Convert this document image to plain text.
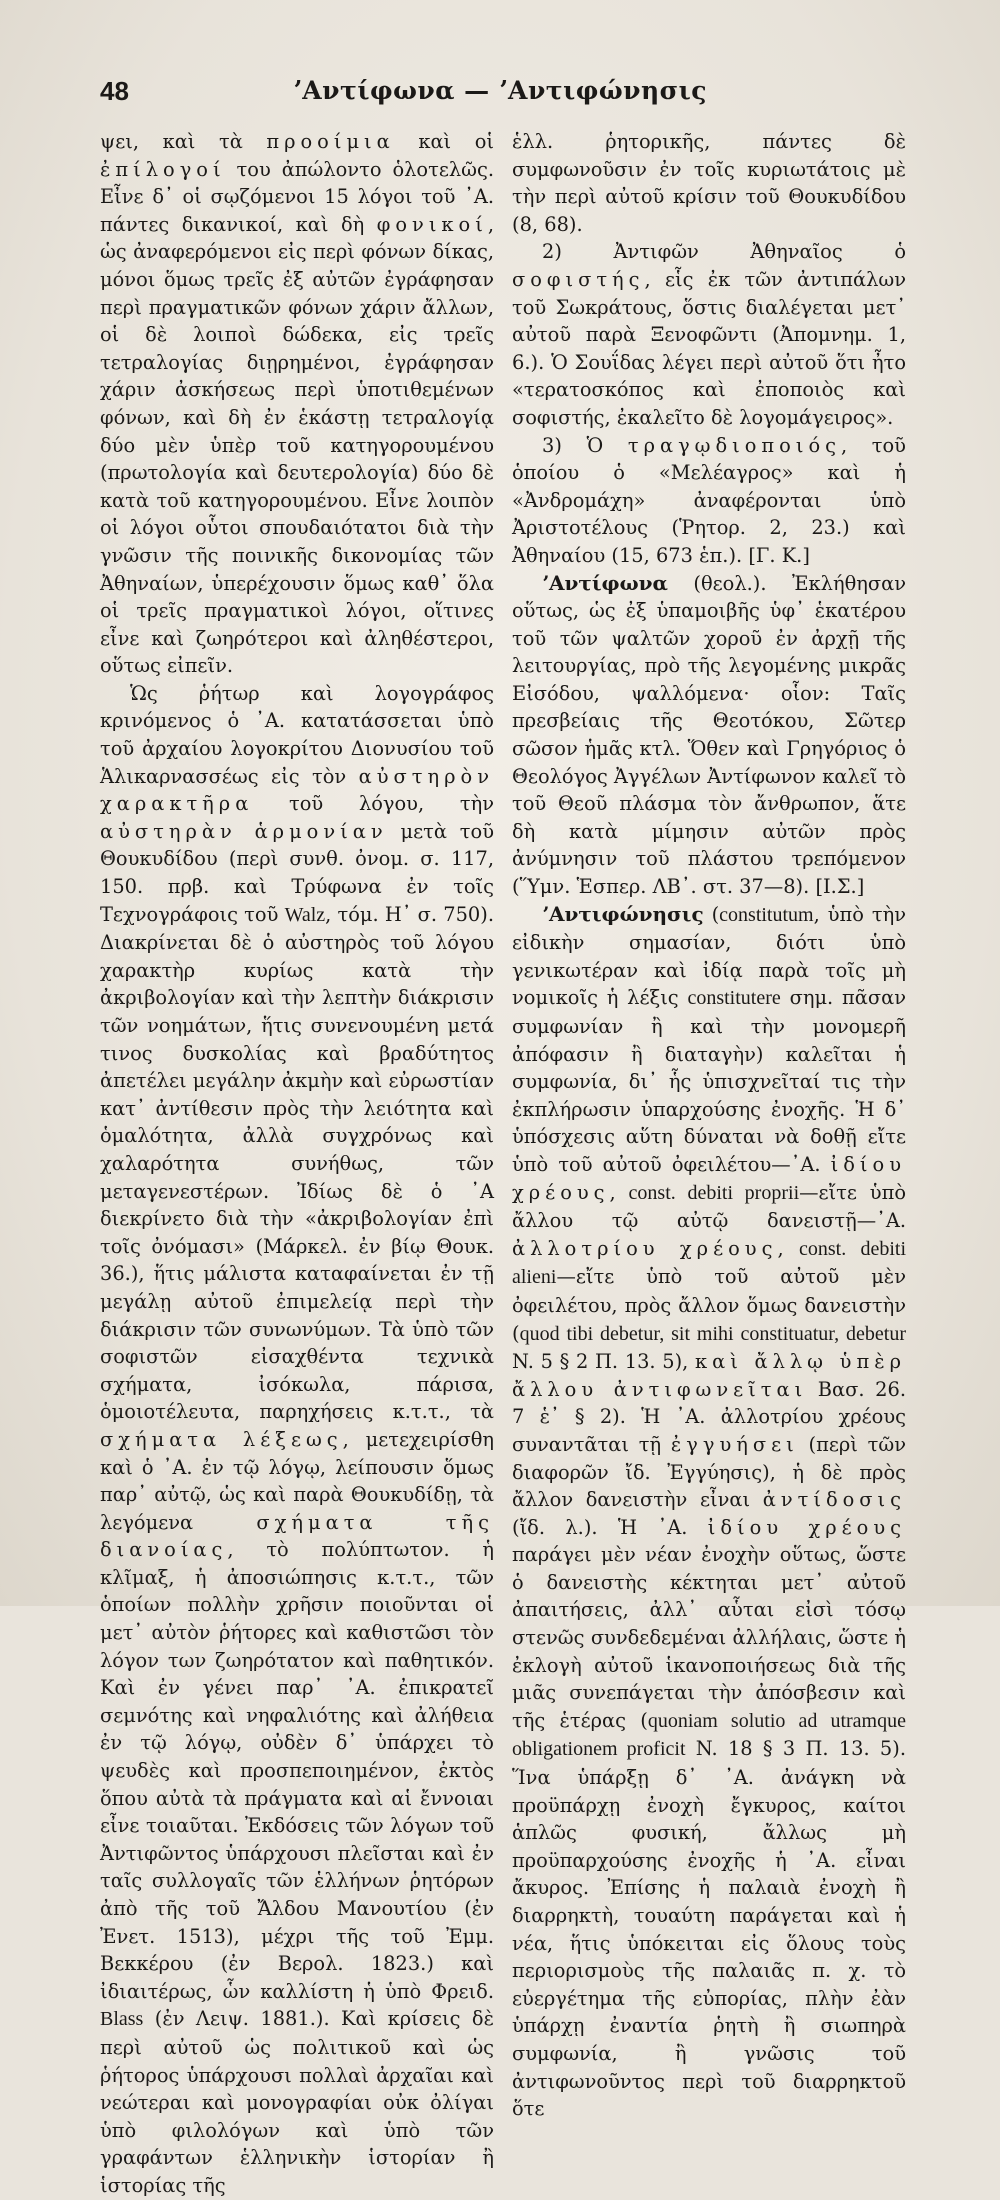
48	ʼΑντίφωνα — ʼΑντιφώνησις

ψει, καὶ τὰ προοίμια καὶ οἱ ἐπίλογοί του ἀπώλοντο ὁλοτελῶς. Εἶνε δ᾽ οἱ σῳζόμενοι 15 λόγοι τοῦ ᾽Α. πάντες δικανικοί, καὶ δὴ φονικοί, ὡς ἀναφερόμενοι εἰς περὶ φόνων δίκας, μόνοι ὅμως τρεῖς ἐξ αὐτῶν ἐγράφησαν περὶ πραγματικῶν φόνων χάριν ἄλλων, οἱ δὲ λοιποὶ δώδεκα, εἰς τρεῖς τετραλογίας διῃρημένοι, ἐγράφησαν χάριν ἀσκήσεως περὶ ὑποτιθεμένων φόνων, καὶ δὴ ἐν ἑκάστῃ τετραλογίᾳ δύο μὲν ὑπὲρ τοῦ κατηγορουμένου (πρωτολογία καὶ δευτερολογία) δύο δὲ κατὰ τοῦ κατηγορουμένου. Εἶνε λοιπὸν οἱ λόγοι οὗτοι σπουδαιότατοι διὰ τὴν γνῶσιν τῆς ποινικῆς δικονομίας τῶν Ἀθηναίων, ὑπερέχουσιν ὅμως καθ᾽ ὅλα οἱ τρεῖς πραγματικοὶ λόγοι, οἵτινες εἶνε καὶ ζωηρότεροι καὶ ἀληθέστεροι, οὕτως εἰπεῖν.

Ὡς ῥήτωρ καὶ λογογράφος κρινόμενος ὁ ᾽Α. κατατάσσεται ὑπὸ τοῦ ἀρχαίου λογοκρίτου Διονυσίου τοῦ Ἁλικαρνασσέως εἰς τὸν αὐστηρὸν χαρακτῆρα τοῦ λόγου, τὴν αὐστηρὰν ἁρμονίαν μετὰ τοῦ Θουκυδίδου (περὶ συνθ. ὀνομ. σ. 117, 150. πρβ. καὶ Τρύφωνα ἐν τοῖς Τεχνογράφοις τοῦ Walz, τόμ. Η᾽ σ. 750). Διακρίνεται δὲ ὁ αὐστηρὸς τοῦ λόγου χαρακτὴρ κυρίως κατὰ τὴν ἀκριβολογίαν καὶ τὴν λεπτὴν διάκρισιν τῶν νοημάτων, ἥτις συνενουμένη μετά τινος δυσκολίας καὶ βραδύτητος ἀπετέλει μεγάλην ἀκμὴν καὶ εὐρωστίαν κατ᾽ ἀντίθεσιν πρὸς τὴν λειότητα καὶ ὁμαλότητα, ἀλλὰ συγχρόνως καὶ χαλαρότητα συνήθως, τῶν μεταγενεστέρων. Ἰδίως δὲ ὁ ᾽Α διεκρίνετο διὰ τὴν «ἀκριβολογίαν ἐπὶ τοῖς ὀνόμασι» (Μάρκελ. ἐν βίῳ Θουκ. 36.), ἥτις μάλιστα καταφαίνεται ἐν τῇ μεγάλῃ αὐτοῦ ἐπιμελείᾳ περὶ τὴν διάκρισιν τῶν συνωνύμων. Τὰ ὑπὸ τῶν σοφιστῶν εἰσαχθέντα τεχνικὰ σχήματα, ἰσόκωλα, πάρισα, ὁμοιοτέλευτα, παρηχήσεις κ.τ.τ., τὰ σχήματα λέξεως, μετεχειρίσθη καὶ ὁ ᾽Α. ἐν τῷ λόγῳ, λείπουσιν ὅμως παρ᾽ αὐτῷ, ὡς καὶ παρὰ Θουκυδίδῃ, τὰ λεγόμενα σχήματα τῆς διανοίας, τὸ πολύπτωτον. ἡ κλῖμαξ, ἡ ἀποσιώπησις κ.τ.τ., τῶν ὁποίων πολλὴν χρῆσιν ποιοῦνται οἱ μετ᾽ αὐτὸν ῥήτορες καὶ καθιστῶσι τὸν λόγον των ζωηρότατον καὶ παθητικόν. Καὶ ἐν γένει παρ᾽ ᾽Α. ἐπικρατεῖ σεμνότης καὶ νηφαλιότης καὶ ἀλήθεια ἐν τῷ λόγῳ, οὐδὲν δ᾽ ὑπάρχει τὸ ψευδὲς καὶ προσπεποιημένον, ἐκτὸς ὅπου αὐτὰ τὰ πράγματα καὶ αἱ ἔννοιαι εἶνε τοιαῦται. Ἐκδόσεις τῶν λόγων τοῦ Ἀντιφῶντος ὑπάρχουσι πλεῖσται καὶ ἐν ταῖς συλλογαῖς τῶν ἑλλήνων ῥητόρων ἀπὸ τῆς τοῦ Ἄλδου Μανουτίου (ἐν Ἐνετ. 1513), μέχρι τῆς τοῦ Ἐμμ. Βεκκέρου (ἐν Βερολ. 1823.) καὶ ἰδιαιτέρως, ὧν καλλίστη ἡ ὑπὸ Φρειδ. Blass (ἐν Λειψ. 1881.). Καὶ κρίσεις δὲ περὶ αὐτοῦ ὡς πολιτικοῦ καὶ ὡς ῥήτορος ὑπάρχουσι πολλαὶ ἀρχαῖαι καὶ νεώτεραι καὶ μονογραφίαι οὐκ ὀλίγαι ὑπὸ φιλολόγων καὶ ὑπὸ τῶν γραφάντων ἑλληνικὴν ἱστορίαν ἢ ἱστορίας τῆς

ἑλλ. ῥητορικῆς, πάντες δὲ συμφωνοῦσιν ἐν τοῖς κυριωτάτοις μὲ τὴν περὶ αὐτοῦ κρίσιν τοῦ Θουκυδίδου (8, 68).

2) Ἀντιφῶν Ἀθηναῖος ὁ σοφιστής, εἷς ἐκ τῶν ἀντιπάλων τοῦ Σωκράτους, ὅστις διαλέγεται μετ᾽ αὐτοῦ παρὰ Ξενοφῶντι (Ἀπομνημ. 1, 6.). Ὁ Σουΐδας λέγει περὶ αὐτοῦ ὅτι ἦτο «τερατοσκόπος καὶ ἐποποιὸς καὶ σοφιστής, ἐκαλεῖτο δὲ λογομάγειρος».

3) Ὁ τραγῳδιοποιός, τοῦ ὁποίου ὁ «Μελέαγρος» καὶ ἡ «Ἀνδρομάχη» ἀναφέρονται ὑπὸ Ἀριστοτέλους (Ῥητορ. 2, 23.) καὶ Ἀθηναίου (15, 673 ἑπ.). [Γ. Κ.]

ʼΑντίφωνα (θεολ.). Ἐκλήθησαν οὕτως, ὡς ἐξ ὑπαμοιβῆς ὑφ᾽ ἑκατέρου τοῦ τῶν ψαλτῶν χοροῦ ἐν ἀρχῇ τῆς λειτουργίας, πρὸ τῆς λεγομένης μικρᾶς Εἰσόδου, ψαλλόμενα· οἷον: Ταῖς πρεσβείαις τῆς Θεοτόκου, Σῶτερ σῶσον ἡμᾶς κτλ. Ὅθεν καὶ Γρηγόριος ὁ Θεολόγος Ἀγγέλων Ἀντίφωνον καλεῖ τὸ τοῦ Θεοῦ πλάσμα τὸν ἄνθρωπον, ἅτε δὴ κατὰ μίμησιν αὐτῶν πρὸς ἀνύμνησιν τοῦ πλάστου τρεπόμενον (Ὕμν. Ἑσπερ. ΛΒ᾽. στ. 37—8). [Ι.Σ.]

ʼΑντιφώνησις (constitutum, ὑπὸ τὴν εἰδικὴν σημασίαν, διότι ὑπὸ γενικωτέραν καὶ ἰδίᾳ παρὰ τοῖς μὴ νομικοῖς ἡ λέξις constitutere σημ. πᾶσαν συμφωνίαν ἢ καὶ τὴν μονομερῆ ἀπόφασιν ἢ διαταγὴν) καλεῖται ἡ συμφωνία, δι᾽ ἧς ὑπισχνεῖταί τις τὴν ἐκπλήρωσιν ὑπαρχούσης ἐνοχῆς. Ἡ δ᾽ ὑπόσχεσις αὕτη δύναται νὰ δοθῇ εἴτε ὑπὸ τοῦ αὐτοῦ ὀφειλέτου—᾽Α. ἰδίου χρέους, const. debiti proprii—εἴτε ὑπὸ ἄλλου τῷ αὐτῷ δανειστῇ—᾽Α. ἀλλοτρίου χρέους, const. debiti alieni—εἴτε ὑπὸ τοῦ αὐτοῦ μὲν ὀφειλέτου, πρὸς ἄλλον ὅμως δανειστὴν (quod tibi debetur, sit mihi constituatur, debetur N. 5 § 2 Π. 13. 5), καὶ ἄλλῳ ὑπὲρ ἄλλου ἀντιφωνεῖται Βασ. 26. 7 ἑ᾽ § 2). Ἡ ᾽Α. ἀλλοτρίου χρέους συναντᾶται τῇ ἐγγυήσει (περὶ τῶν διαφορῶν ἴδ. Ἐγγύησις), ἡ δὲ πρὸς ἄλλον δανειστὴν εἶναι ἀντίδοσις (ἴδ. λ.). Ἡ ᾽Α. ἰδίου χρέους παράγει μὲν νέαν ἐνοχὴν οὕτως, ὥστε ὁ δανειστὴς κέκτηται μετ᾽ αὐτοῦ ἀπαιτήσεις, ἀλλ᾽ αὗται εἰσὶ τόσῳ στενῶς συνδεδεμέναι ἀλλήλαις, ὥστε ἡ ἐκλογὴ αὐτοῦ ἱκανοποιήσεως διὰ τῆς μιᾶς συνεπάγεται τὴν ἀπόσβεσιν καὶ τῆς ἑτέρας (quoniam solutio ad utramque obligationem proficit N. 18 § 3 Π. 13. 5). Ἵνα ὑπάρξῃ δ᾽ ᾽Α. ἀνάγκη νὰ προϋπάρχῃ ἐνοχὴ ἔγκυρος, καίτοι ἁπλῶς φυσική, ἄλλως μὴ προϋπαρχούσης ἐνοχῆς ἡ ᾽Α. εἶναι ἄκυρος. Ἐπίσης ἡ παλαιὰ ἐνοχὴ ἢ διαρρηκτὴ, τουαύτη παράγεται καὶ ἡ νέα, ἥτις ὑπόκειται εἰς ὅλους τοὺς περιορισμοὺς τῆς παλαιᾶς π. χ. τὸ εὐεργέτημα τῆς εὐπορίας, πλὴν ἐὰν ὑπάρχῃ ἐναντία ῥητὴ ἢ σιωπηρὰ συμφωνία, ἢ γνῶσις τοῦ ἀντιφωνοῦντος περὶ τοῦ διαρρηκτοῦ ὅτε
